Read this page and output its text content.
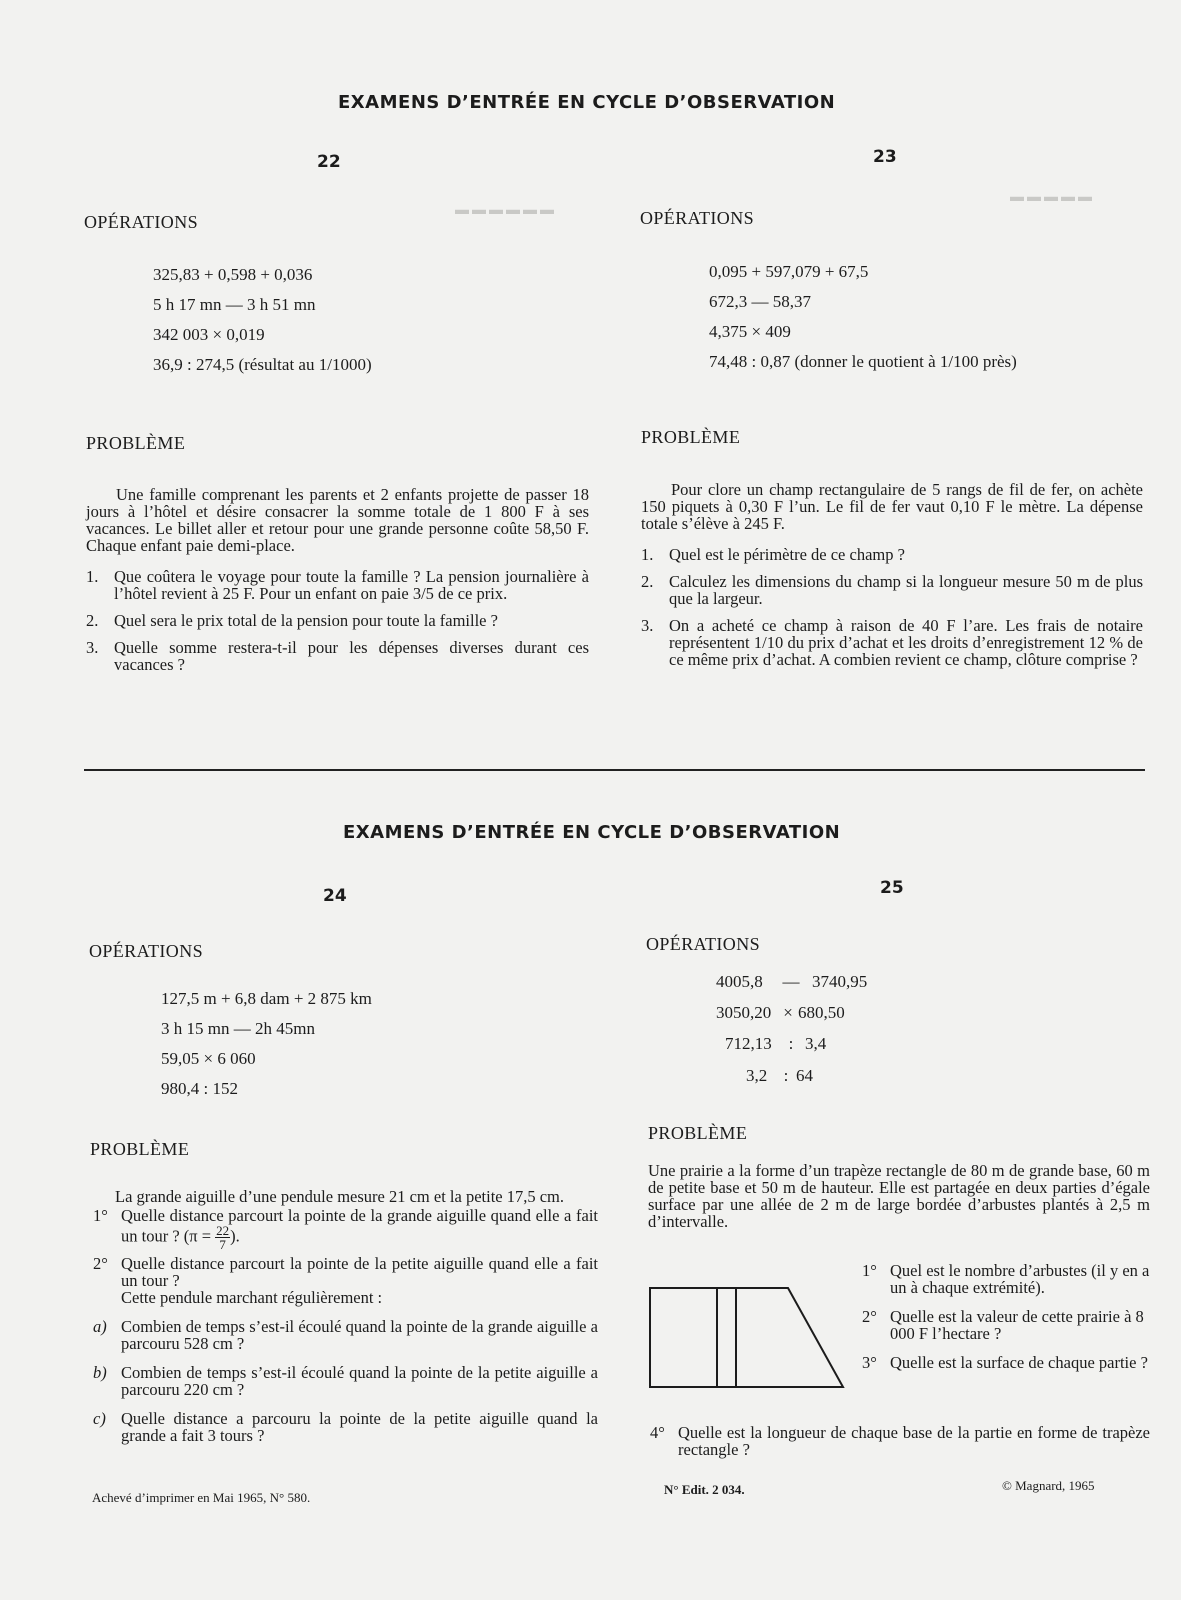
▬▬▬▬▬▬
▬▬▬▬▬
EXAMENS D’ENTRÉE EN CYCLE D’OBSERVATION
22	23
OPÉRATIONS
325,83 + 0,598 + 0,036
5 h 17 mn — 3 h 51 mn
342 003 × 0,019
36,9 : 274,5 (résultat au 1/1000)
PROBLÈME
Une famille comprenant les parents et 2 enfants projette de passer 18 jours à l’hôtel et désire consacrer la somme totale de 1 800 F à ses vacances. Le billet aller et retour pour une grande personne coûte 58,50 F. Chaque enfant paie demi-place.
1. Que coûtera le voyage pour toute la famille ? La pension journalière à l’hôtel revient à 25 F. Pour un enfant on paie 3/5 de ce prix.
2. Quel sera le prix total de la pension pour toute la famille ?
3. Quelle somme restera-t-il pour les dépenses diverses durant ces vacances ?
OPÉRATIONS
0,095 + 597,079 + 67,5
672,3 — 58,37
4,375 × 409
74,48 : 0,87 (donner le quotient à 1/100 près)
PROBLÈME
Pour clore un champ rectangulaire de 5 rangs de fil de fer, on achète 150 piquets à 0,30 F l’un. Le fil de fer vaut 0,10 F le mètre. La dépense totale s’élève à 245 F.
1. Quel est le périmètre de ce champ ?
2. Calculez les dimensions du champ si la longueur mesure 50 m de plus que la largeur.
3. On a acheté ce champ à raison de 40 F l’are. Les frais de notaire représentent 1/10 du prix d’achat et les droits d’enregistrement 12 % de ce même prix d’achat. A combien revient ce champ, clôture comprise ?
EXAMENS D’ENTRÉE EN CYCLE D’OBSERVATION
24	25
OPÉRATIONS
127,5 m + 6,8 dam + 2 875 km
3 h 15 mn — 2h 45mn
59,05 × 6 060
980,4 : 152
PROBLÈME
La grande aiguille d’une pendule mesure 21 cm et la petite 17,5 cm.
1° Quelle distance parcourt la pointe de la grande aiguille quand elle a fait un tour ? ($\pi = \frac{22}{7}$ ).
2° Quelle distance parcourt la pointe de la petite aiguille quand elle a fait un tour ?
Cette pendule marchant régulièrement :
a) Combien de temps s’est-il écoulé quand la pointe de la grande aiguille a parcouru 528 cm ?
b) Combien de temps s’est-il écoulé quand la pointe de la petite aiguille a parcouru 220 cm ?
c) Quelle distance a parcouru la pointe de la petite aiguille quand la grande a fait 3 tours ?
OPÉRATIONS
4005,8 — 3740,95
3050,20 × 680,50
712,13 : 3,4
3,2 : 64
PROBLÈME
Une prairie a la forme d’un trapèze rectangle de 80 m de grande base, 60 m de petite base et 50 m de hauteur. Elle est partagée en deux parties d’égale surface par une allée de 2 m de large bordée d’arbustes plantés à 2,5 m d’intervalle.
1° Quel est le nombre d’arbustes (il y en a un à chaque extrémité).
2° Quelle est la valeur de cette prairie à 8 000 F l’hectare ?
3° Quelle est la surface de chaque partie ?
4° Quelle est la longueur de chaque base de la partie en forme de trapèze rectangle ?
Achevé d’imprimer en Mai 1965, N° 580.
N° Edit. 2 034.	© Magnard, 1965
